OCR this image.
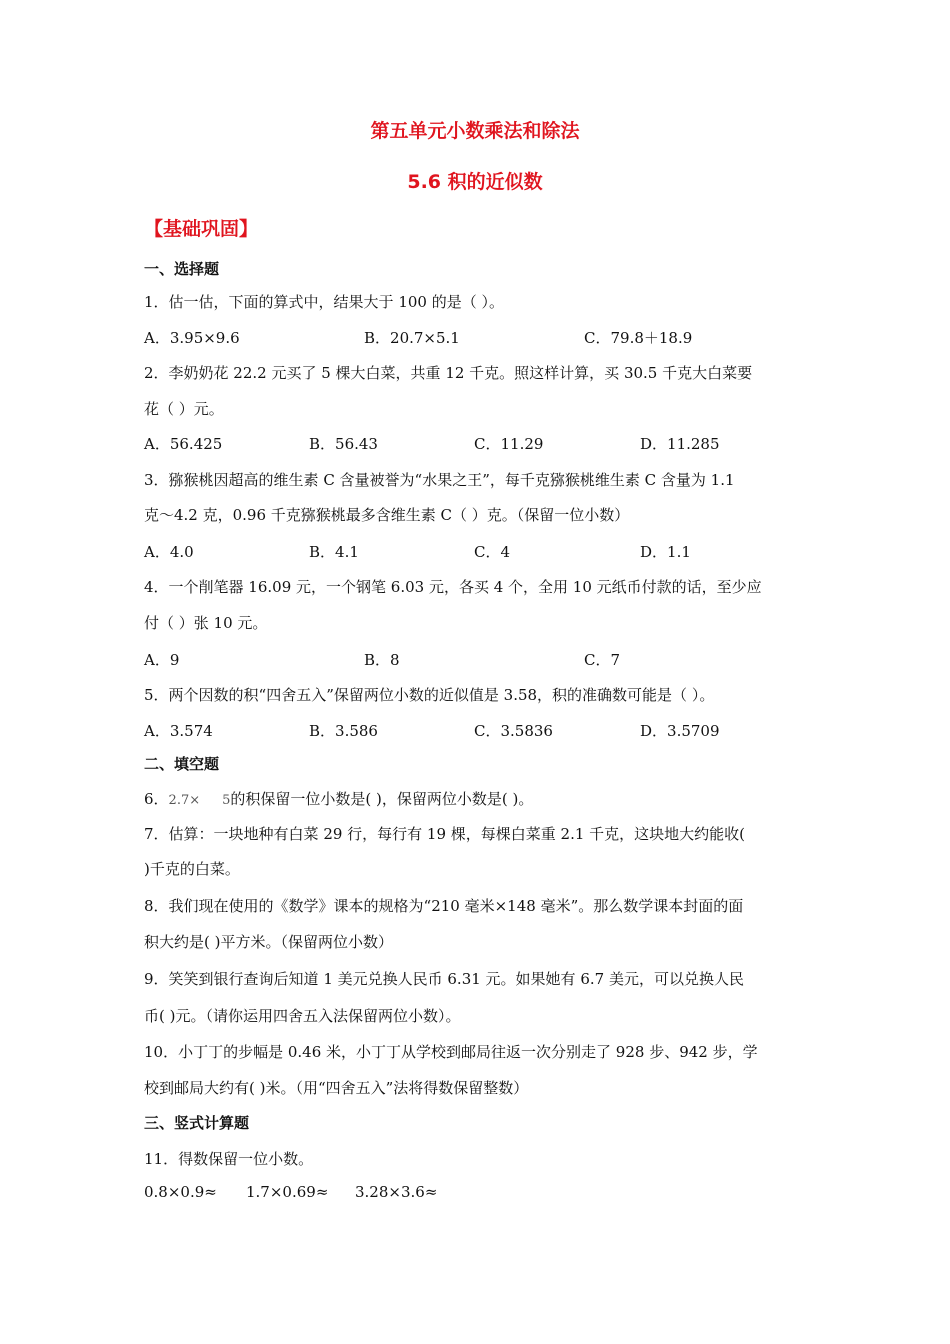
第五单元小数乘法和除法
5.6 积的近似数
【基础巩固】
一、选择题
1．估一估，下面的算式中，结果大于 100 的是（ ）。
A．3.95×9.6	B．20.7×5.1	C．79.8＋18.9
2．李奶奶花 22.2 元买了 5 棵大白菜，共重 12 千克。照这样计算，买 30.5 千克大白菜要
花（ ）元。
A．56.425	B．56.43	C．11.29	D．11.285
3．猕猴桃因超高的维生素 C 含量被誉为“水果之王”，每千克猕猴桃维生素 C 含量为 1.1
克～4.2 克，0.96 千克猕猴桃最多含维生素 C（ ）克。（保留一位小数）
A．4.0	B．4.1	C．4	D．1.1
4．一个削笔器 16.09 元，一个钢笔 6.03 元，各买 4 个，全用 10 元纸币付款的话，至少应
付（ ）张 10 元。
A．9	B．8	C．7
5．两个因数的积“四舍五入”保留两位小数的近似值是 3.58，积的准确数可能是（ ）。
A．3.574	B．3.586	C．3.5836	D．3.5709
二、填空题
6．2.7× 5的积保留一位小数是( )，保留两位小数是( )。
7．估算：一块地种有白菜 29 行，每行有 19 棵，每棵白菜重 2.1 千克，这块地大约能收(
)千克的白菜。
8．我们现在使用的《数学》课本的规格为“210 毫米×148 毫米”。那么数学课本封面的面
积大约是( )平方米。（保留两位小数）
9．笑笑到银行查询后知道 1 美元兑换人民币 6.31 元。如果她有 6.7 美元，可以兑换人民
币( )元。（请你运用四舍五入法保留两位小数）。
10．小丁丁的步幅是 0.46 米，小丁丁从学校到邮局往返一次分别走了 928 步、942 步，学
校到邮局大约有( )米。（用“四舍五入”法将得数保留整数）
三、竖式计算题
11．得数保留一位小数。
0.8×0.9≈ 1.7×0.69≈ 3.28×3.6≈
